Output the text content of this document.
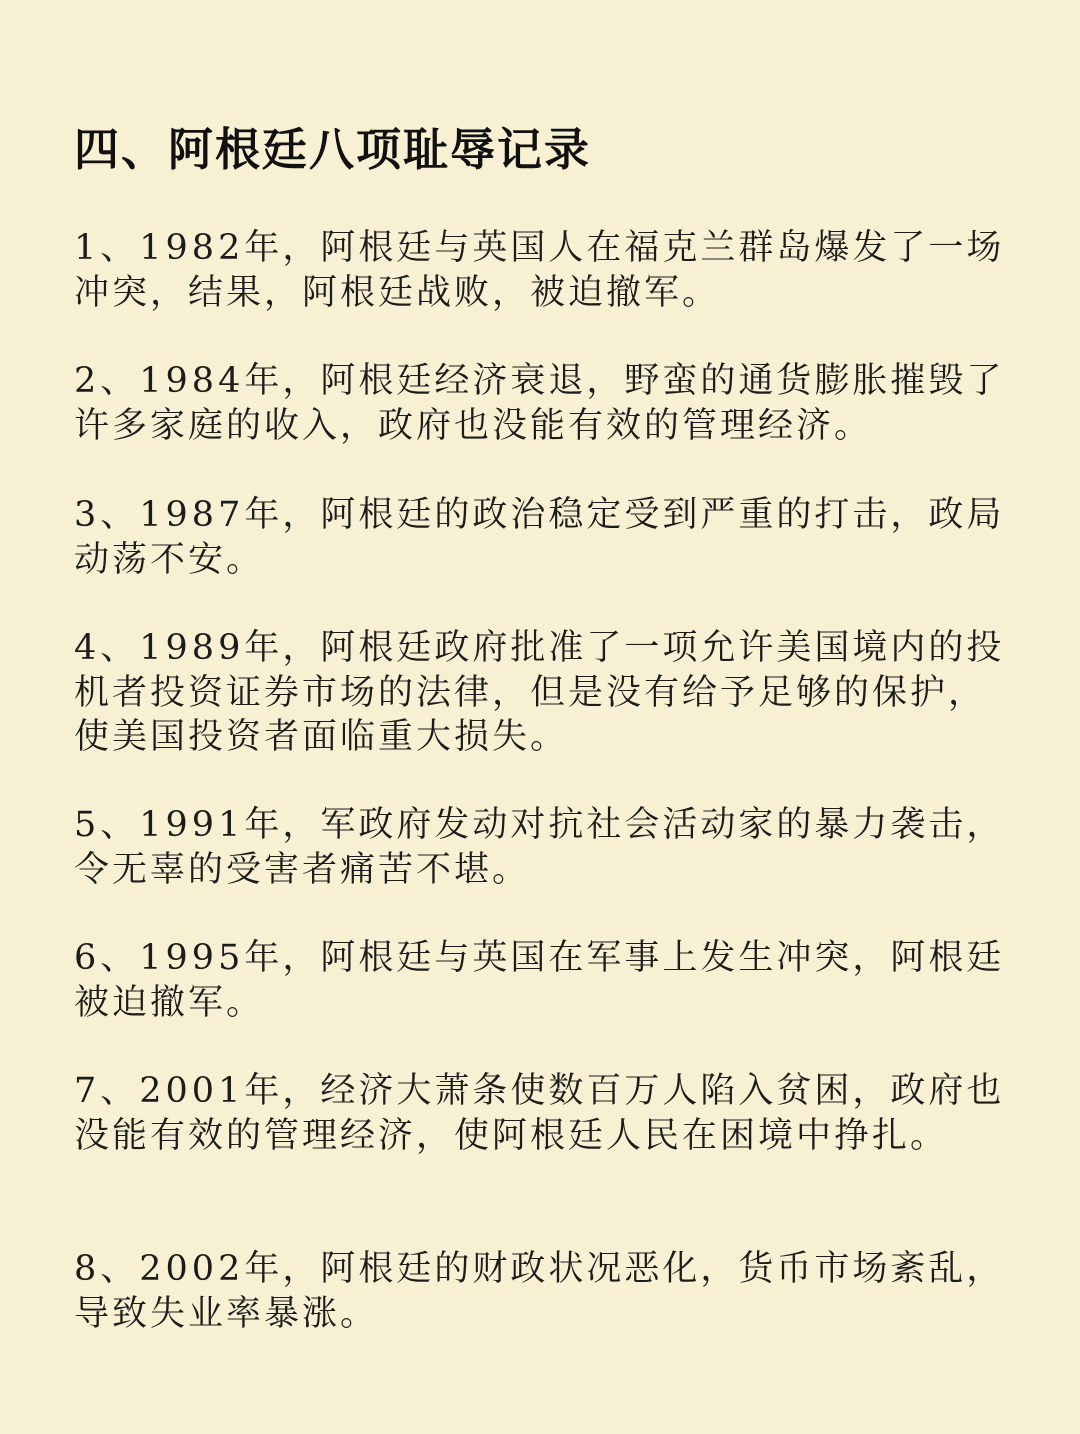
四、阿根廷八项耻辱记录

1、1982年，阿根廷与英国人在福克兰群岛爆发了一场冲突，结果，阿根廷战败，被迫撤军。

2、1984年，阿根廷经济衰退，野蛮的通货膨胀摧毁了许多家庭的收入，政府也没能有效的管理经济。

3、1987年，阿根廷的政治稳定受到严重的打击，政局动荡不安。

4、1989年，阿根廷政府批准了一项允许美国境内的投机者投资证券市场的法律，但是没有给予足够的保护，使美国投资者面临重大损失。

5、1991年，军政府发动对抗社会活动家的暴力袭击，令无辜的受害者痛苦不堪。

6、1995年，阿根廷与英国在军事上发生冲突，阿根廷被迫撤军。

7、2001年，经济大萧条使数百万人陷入贫困，政府也没能有效的管理经济，使阿根廷人民在困境中挣扎。

8、2002年，阿根廷的财政状况恶化，货币市场紊乱，导致失业率暴涨。
